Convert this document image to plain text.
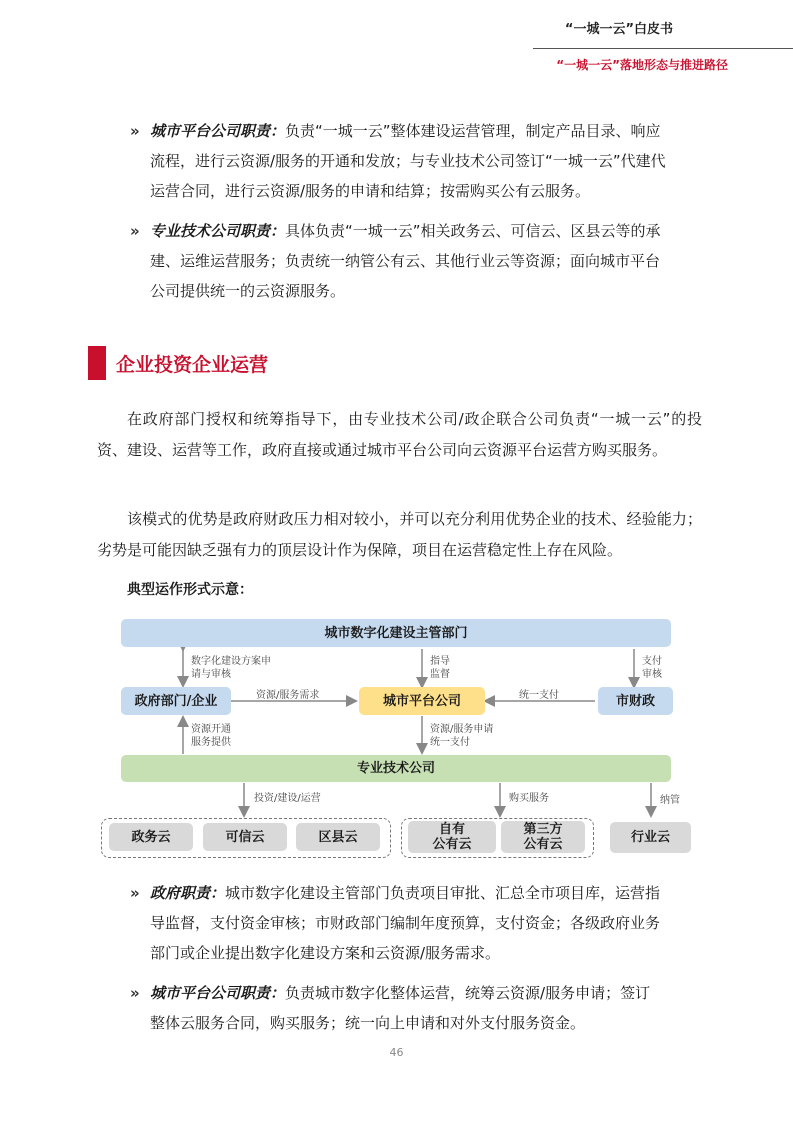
“一城一云”白皮书
“一城一云”落地形态与推进路径
» 城市平台公司职责：负责“一城一云”整体建设运营管理，制定产品目录、响应
流程，进行云资源/服务的开通和发放；与专业技术公司签订“一城一云”代建代
运营合同，进行云资源/服务的申请和结算；按需购买公有云服务。
» 专业技术公司职责：具体负责“一城一云”相关政务云、可信云、区县云等的承
建、运维运营服务；负责统一纳管公有云、其他行业云等资源；面向城市平台
公司提供统一的云资源服务。
企业投资企业运营
在政府部门授权和统筹指导下，由专业技术公司/政企联合公司负责“一城一云”的投资、建设、运营等工作，政府直接或通过城市平台公司向云资源平台运营方购买服务。
该模式的优势是政府财政压力相对较小，并可以充分利用优势企业的技术、经验能力；劣势是可能因缺乏强有力的顶层设计作为保障，项目在运营稳定性上存在风险。
典型运作形式示意：
城市数字化建设主管部门
政府部门/企业	城市平台公司	市财政
专业技术公司
政务云	可信云	区县云	自有
公有云
第三方
公有云	行业云
数字化建设方案申
请与审核
指导
监督
支付
审核
资源/服务需求	统一支付
资源开通
服务提供
资源/服务申请
统一支付
投资/建设/运营	购买服务	纳管
» 政府职责：城市数字化建设主管部门负责项目审批、汇总全市项目库，运营指
导监督，支付资金审核；市财政部门编制年度预算，支付资金；各级政府业务
部门或企业提出数字化建设方案和云资源/服务需求。
» 城市平台公司职责：负责城市数字化整体运营，统筹云资源/服务申请；签订
整体云服务合同，购买服务；统一向上申请和对外支付服务资金。
46
